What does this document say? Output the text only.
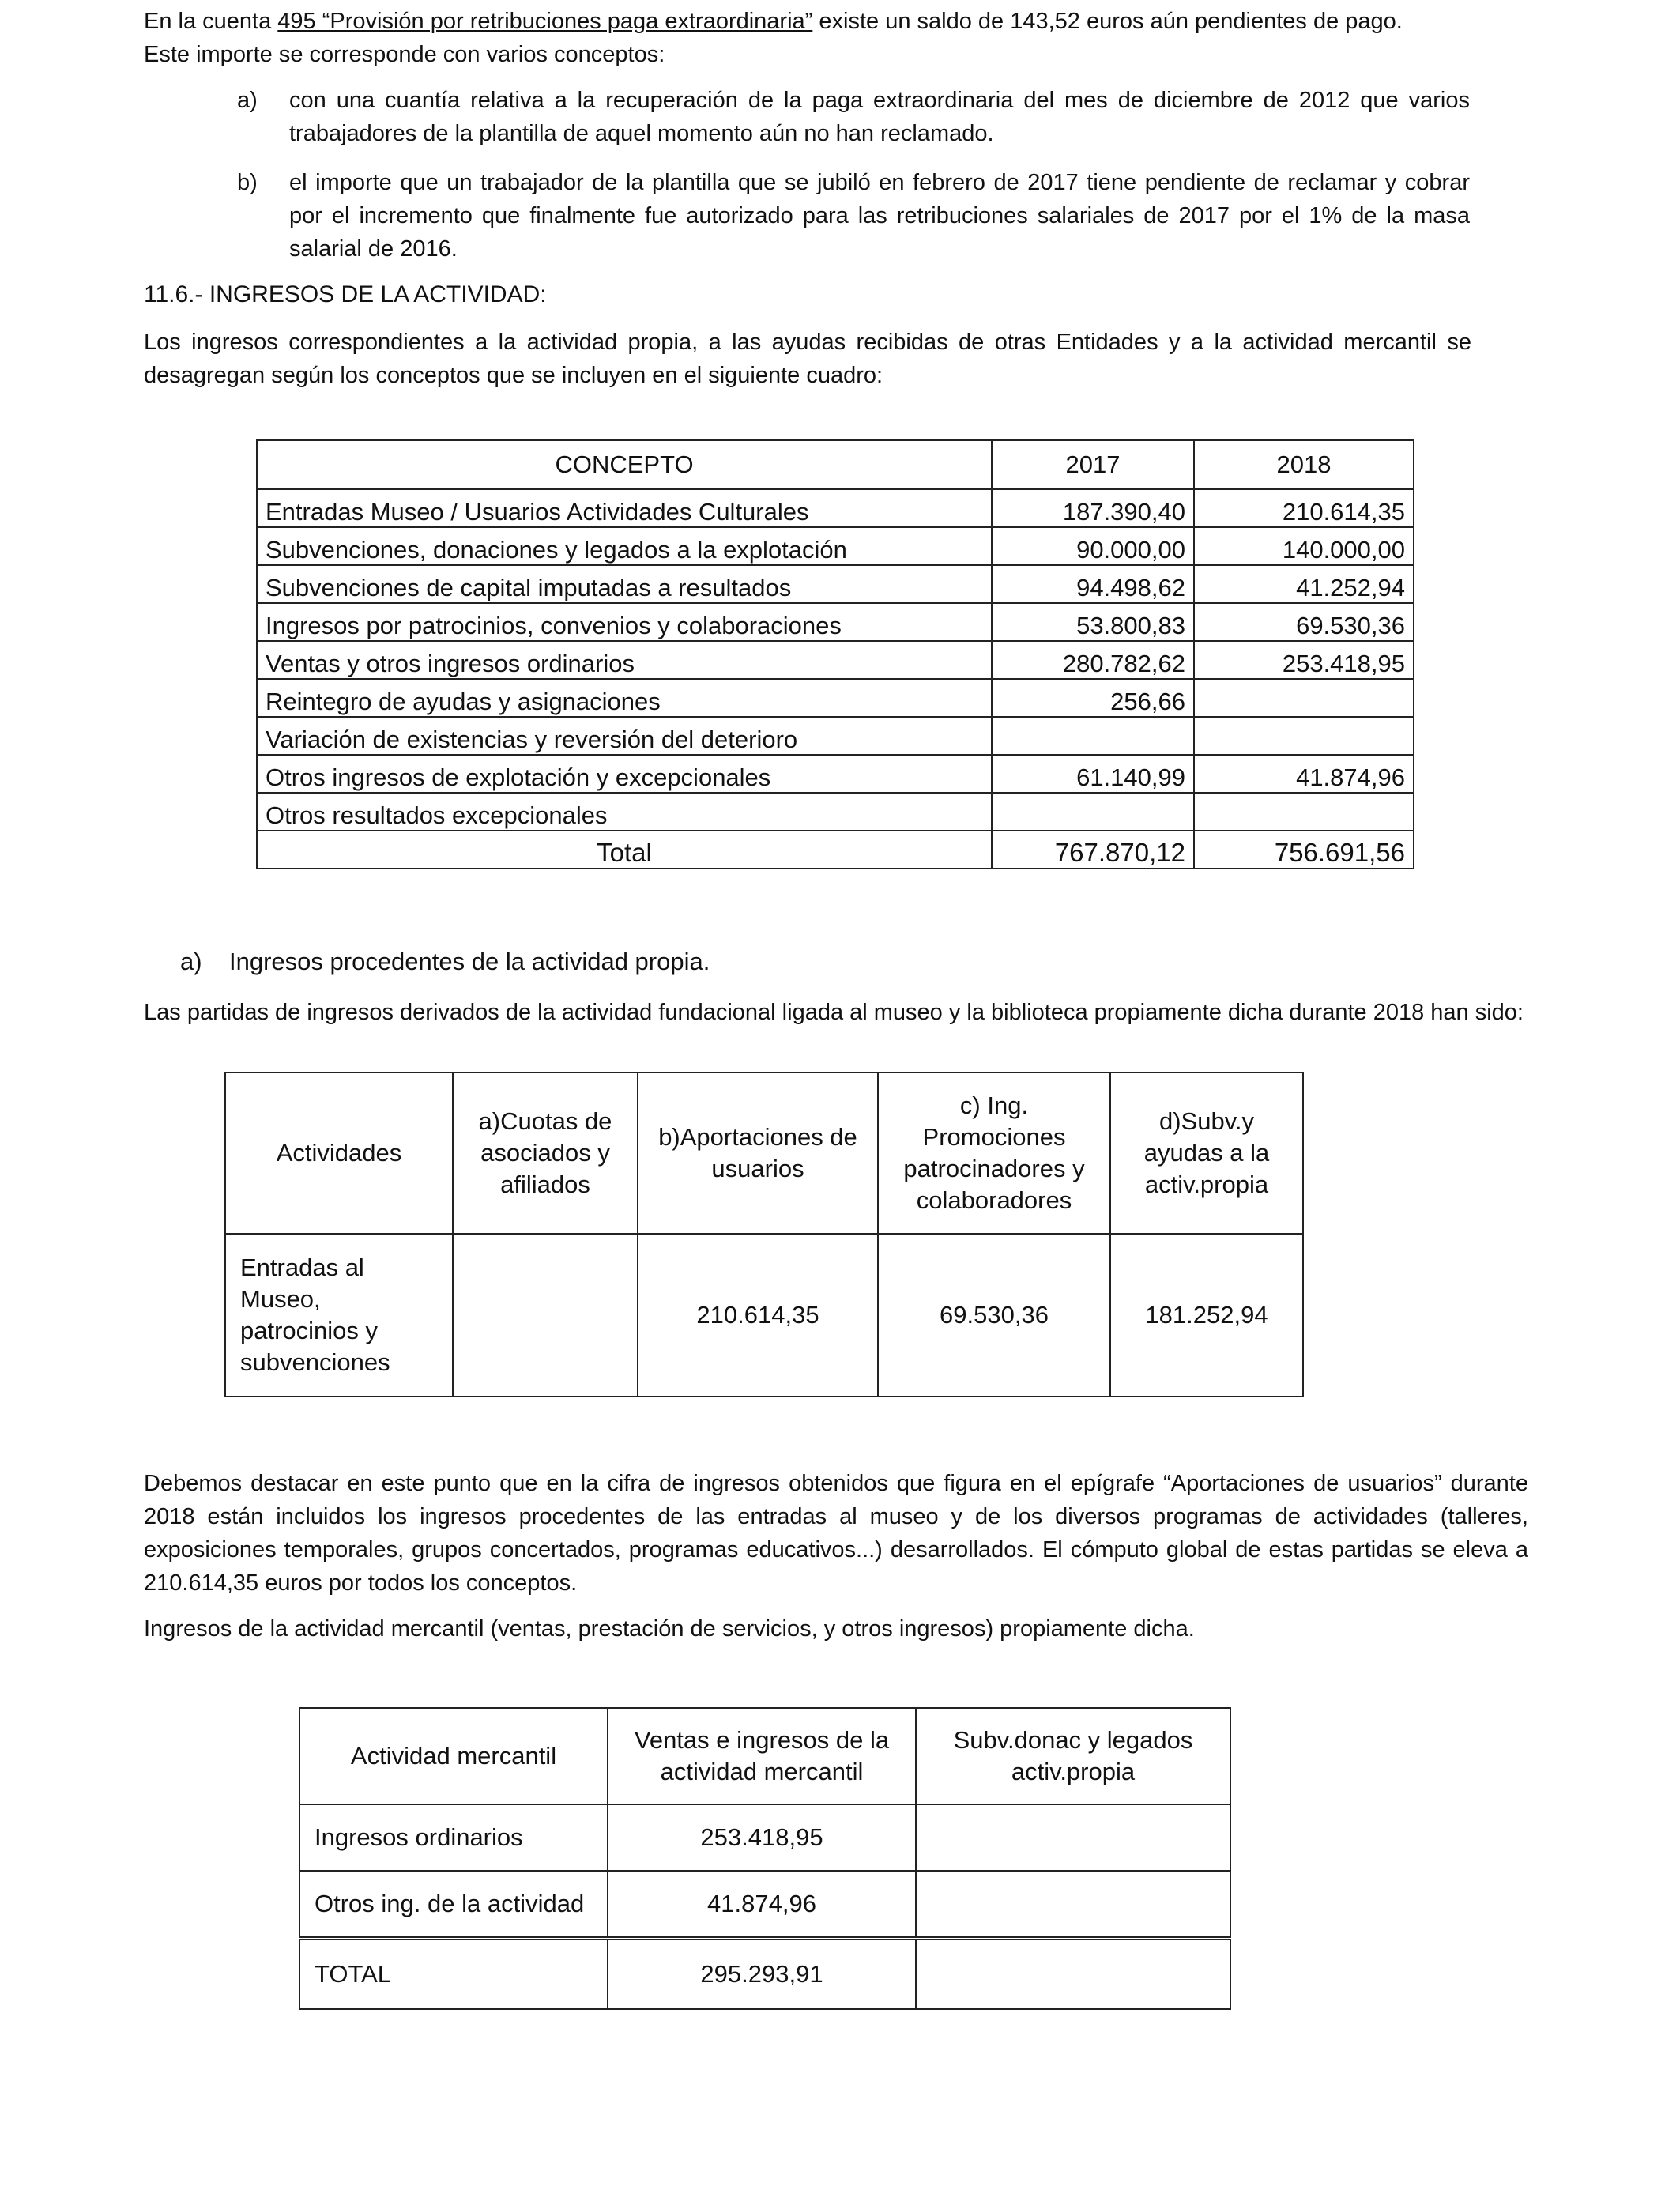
En la cuenta 495 “Provisión por retribuciones paga extraordinaria” existe un saldo de 143,52 euros aún pendientes de pago.

Este importe se corresponde con varios conceptos:

a) con una cuantía relativa a la recuperación de la paga extraordinaria del mes de diciembre de 2012 que varios trabajadores de la plantilla de aquel momento aún no han reclamado.
b) el importe que un trabajador de la plantilla que se jubiló en febrero de 2017 tiene pendiente de reclamar y cobrar por el incremento que finalmente fue autorizado para las retribuciones salariales de 2017 por el 1% de la masa salarial de 2016.

11.6.- INGRESOS DE LA ACTIVIDAD:

Los ingresos correspondientes a la actividad propia, a las ayudas recibidas de otras Entidades y a la actividad mercantil se desagregan según los conceptos que se incluyen en el siguiente cuadro:

CONCEPTO	2017	2018
Entradas Museo / Usuarios Actividades Culturales	187.390,40	210.614,35
Subvenciones, donaciones y legados a la explotación	90.000,00	140.000,00
Subvenciones de capital imputadas a resultados	94.498,62	41.252,94
Ingresos por patrocinios, convenios y colaboraciones	53.800,83	69.530,36
Ventas y otros ingresos ordinarios	280.782,62	253.418,95
Reintegro de ayudas y asignaciones	256,66	
Variación de existencias y reversión del deterioro		
Otros ingresos de explotación y excepcionales	61.140,99	41.874,96
Otros resultados excepcionales		
Total	767.870,12	756.691,56
a) Ingresos procedentes de la actividad propia.

Las partidas de ingresos derivados de la actividad fundacional ligada al museo y la biblioteca propiamente dicha durante 2018 han sido:

Actividades	a)Cuotas de asociados y afiliados	b)Aportaciones de usuarios	c) Ing. Promociones patrocinadores y colaboradores	d)Subv.y ayudas a la activ.propia
Entradas al Museo, patrocinios y subvenciones		210.614,35	69.530,36	181.252,94

Debemos destacar en este punto que en la cifra de ingresos obtenidos que figura en el epígrafe “Aportaciones de usuarios” durante 2018 están incluidos los ingresos procedentes de las entradas al museo y de los diversos programas de actividades (talleres, exposiciones temporales, grupos concertados, programas educativos...) desarrollados. El cómputo global de estas partidas se eleva a 210.614,35 euros por todos los conceptos.

Ingresos de la actividad mercantil (ventas, prestación de servicios, y otros ingresos) propiamente dicha.

Actividad mercantil	Ventas e ingresos de la actividad mercantil	Subv.donac y legados activ.propia
Ingresos ordinarios	253.418,95	
Otros ing. de la actividad	41.874,96	
TOTAL	295.293,91	
